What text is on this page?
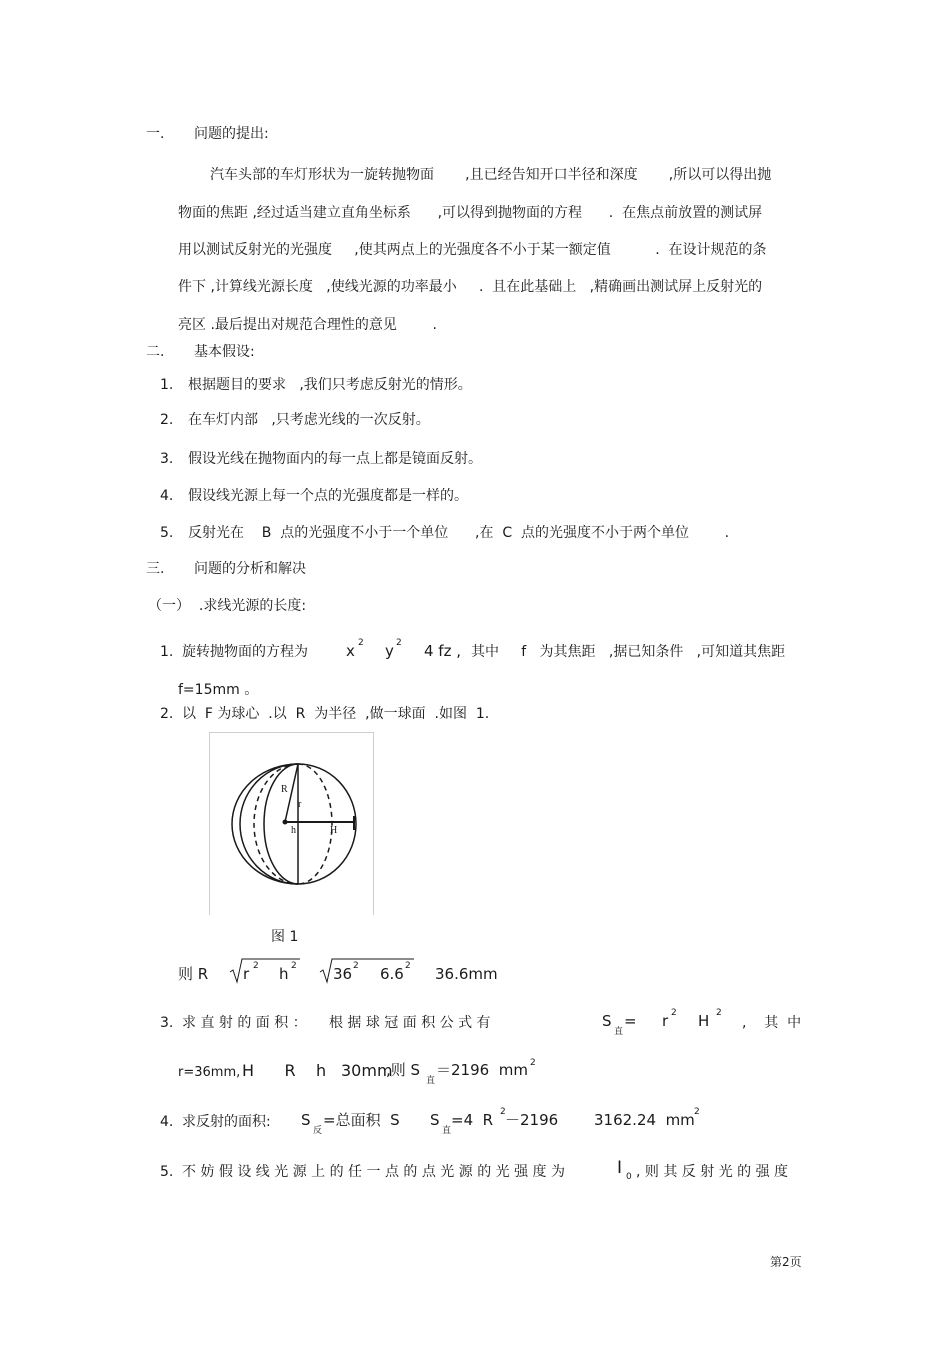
一. 问题的提出:
汽车头部的车灯形状为一旋转抛物面       ,且已经告知开口半径和深度       ,所以可以得出抛
物面的焦距 ,经过适当建立直角坐标系      ,可以得到抛物面的方程      .  在焦点前放置的测试屏
用以测试反射光的光强度     ,使其两点上的光强度各不小于某一额定值          .  在设计规范的条
件下 ,计算线光源长度   ,使线光源的功率最小     .  且在此基础上   ,精确画出测试屏上反射光的
亮区 .最后提出对规范合理性的意见        .
二. 基本假设:
1. 根据题目的要求   ,我们只考虑反射光的情形。
2. 在车灯内部   ,只考虑光线的一次反射。
3. 假设光线在抛物面内的每一点上都是镜面反射。
4. 假设线光源上每一个点的光强度都是一样的。
5. 反射光在    B  点的光强度不小于一个单位      ,在  C  点的光强度不小于两个单位        .
三. 问题的分析和解决
（一）  .求线光源的长度:
1. 旋转抛物面的方程为	x 2 y 2 4 fz , 其中     f   为其焦距   ,据已知条件   ,可知道其焦距
f=15mm 。
2. 以  F 为球心  .以  R  为半径  ,做一球面  .如图  1.
R
r
h	H
图 1
则 R r 2 h 2 36 2 6.6 2 36.6mm
3. 求 直 射 的 面 积 ：     根 据 球 冠 面 积 公 式 有	S
直
= r 2 H 2
,    其  中
r=36mm, H      R    h 30mm
,则 S
直
＝2196  mm 2
4. 求反射的面积: S
反
=总面积  S S
直
=4  R 2 －2196 3162.24  mm 2
5. 不 妨 假 设 线 光 源 上 的 任 一 点 的 点 光 源 的 光 强 度 为	I 0 , 则 其 反 射 光 的 强 度
第2页
